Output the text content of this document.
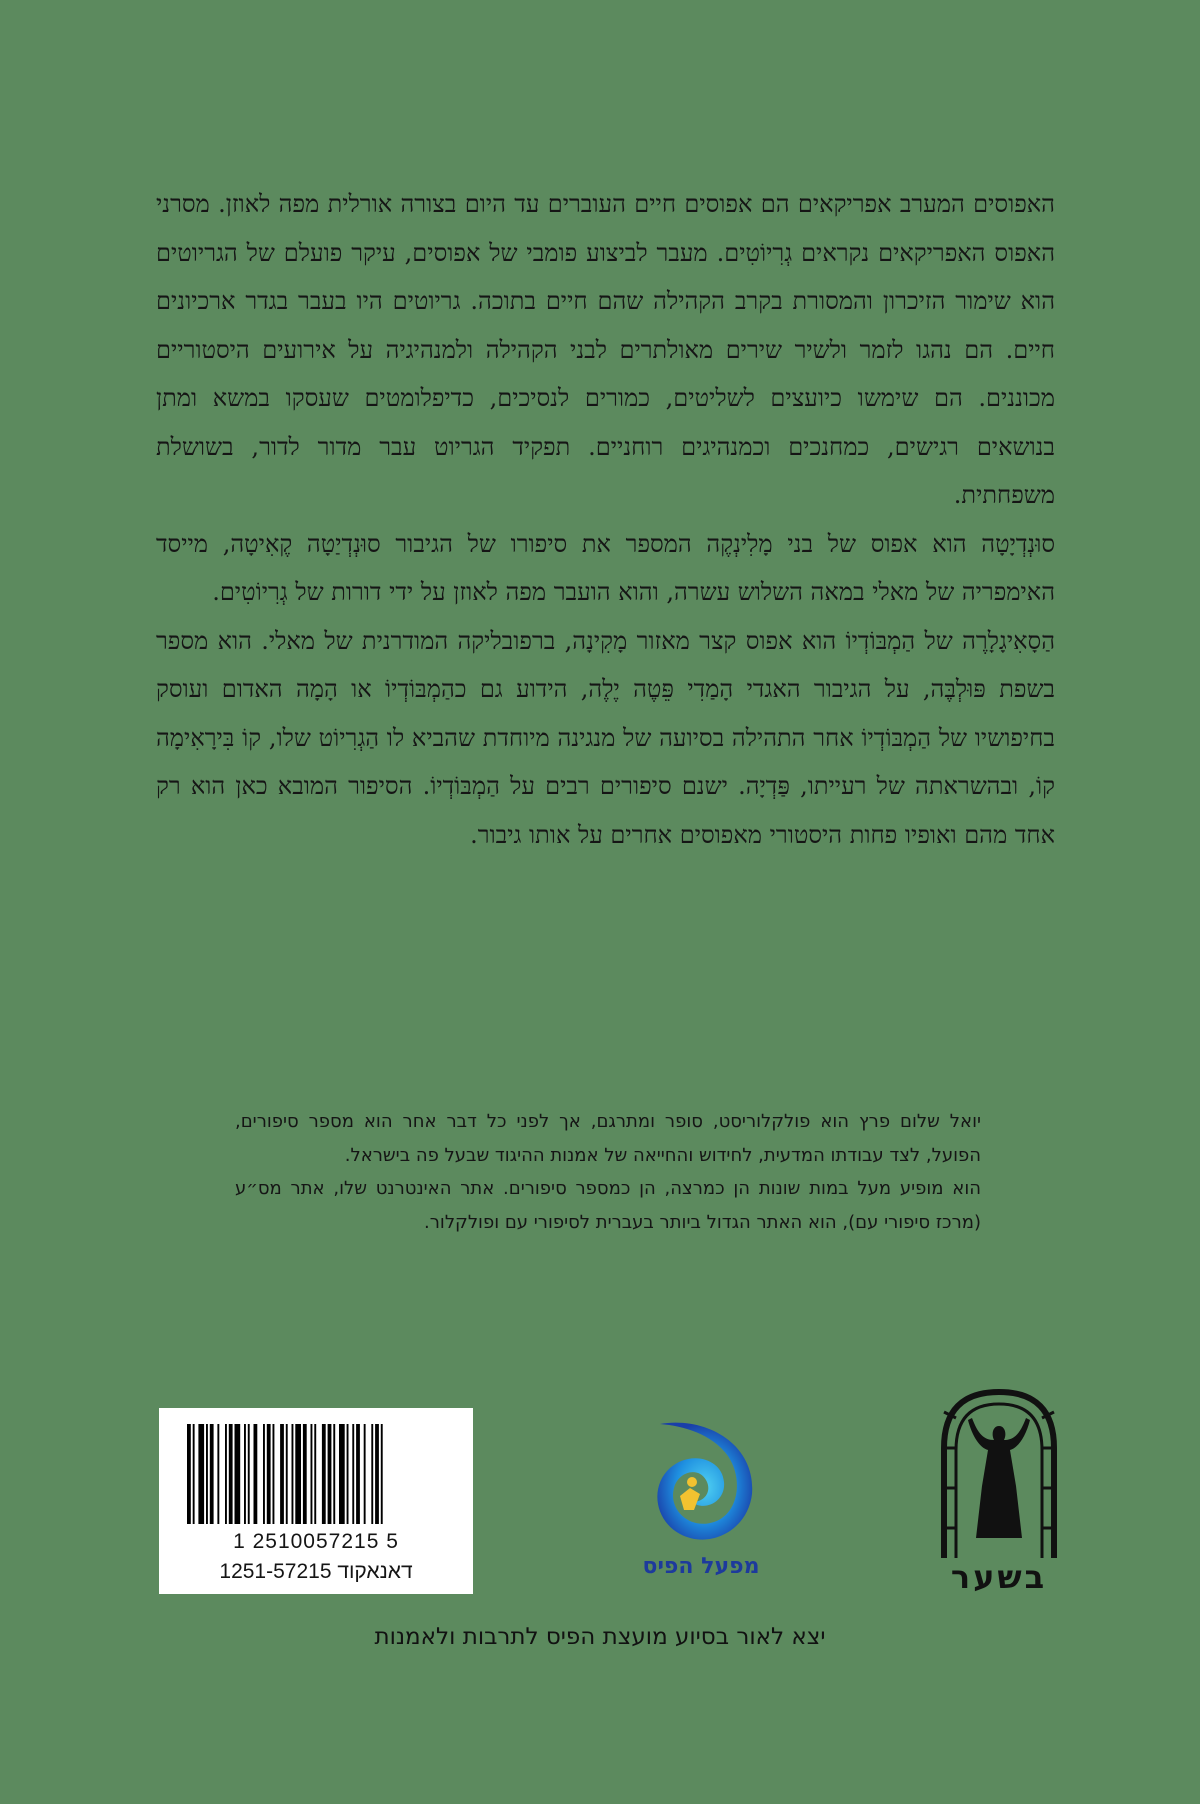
האפוסים המערב אפריקאים הם אפוסים חיים העוברים עד היום בצורה אורלית מפה לאוזן. מסרני האפוס האפריקאים נקראים גְרִיוֹטִים. מעבר לביצוע פומבי של אפוסים, עיקר פועלם של הגריוטים הוא שימור הזיכרון והמסורת בקרב הקהילה שהם חיים בתוכה. גריוטים היו בעבר בגדר ארכיונים חיים. הם נהגו לזמר ולשיר שירים מאולתרים לבני הקהילה ולמנהיגיה על אירועים היסטוריים מכוננים. הם שימשו כיועצים לשליטים, כמורים לנסיכים, כדיפלומטים שעסקו במשא ומתן בנושאים רגישים, כמחנכים וכמנהיגים רוחניים. תפקיד הגריוט עבר מדור לדור, בשושלת משפחתית.

סוּנְדְיָטָה הוא אפוס של בני מָלִינְקֶה המספר את סיפורו של הגיבור סוּנְדְיַטָה קֶאִיטָה, מייסד האימפריה של מאלי במאה השלוש עשרה, והוא הועבר מפה לאוזן על ידי דורות של גְרִיוֹטִים.

הַסָאִיגָלָרֶה של הַמְבּוֹדְיוֹ הוא אפוס קצר מאזור מָקִינָה, ברפובליקה המודרנית של מאלי. הוא מספר בשפת פּוּלְבֶּה, על הגיבור האגדי הָמַדִי פֵּטֶה יֶלֶה, הידוע גם כהַמְבּוֹדְיוֹ או הָמָה האדום ועוסק בחיפושיו של הַמְבּוֹדְיוֹ אחר התהילה בסיועה של מנגינה מיוחדת שהביא לו הַגְרִיוֹט שלו, קוֹ בִּירָאִימָה קוֹ, ובהשראתה של רעייתו, פַּדְיָה. ישנם סיפורים רבים על הַמְבּוֹדְיוֹ. הסיפור המובא כאן הוא רק אחד מהם ואופיו פחות היסטורי מאפוסים אחרים על אותו גיבור.

יואל שלום פרץ הוא פולקלוריסט, סופר ומתרגם, אך לפני כל דבר אחר הוא מספר סיפורים, הפועל, לצד עבודתו המדעית, לחידוש והחייאה של אמנות ההיגוד שבעל פה בישראל.

הוא מופיע מעל במות שונות הן כמרצה, הן כמספר סיפורים. אתר האינטרנט שלו, אתר מס״ע (מרכז סיפורי עם), הוא האתר הגדול ביותר בעברית לסיפורי עם ופולקלור.

1 2510057215 5
1251-57215 דאנאקוד	מפעל הפיס	בשער
יצא לאור בסיוע מועצת הפיס לתרבות ולאמנות
